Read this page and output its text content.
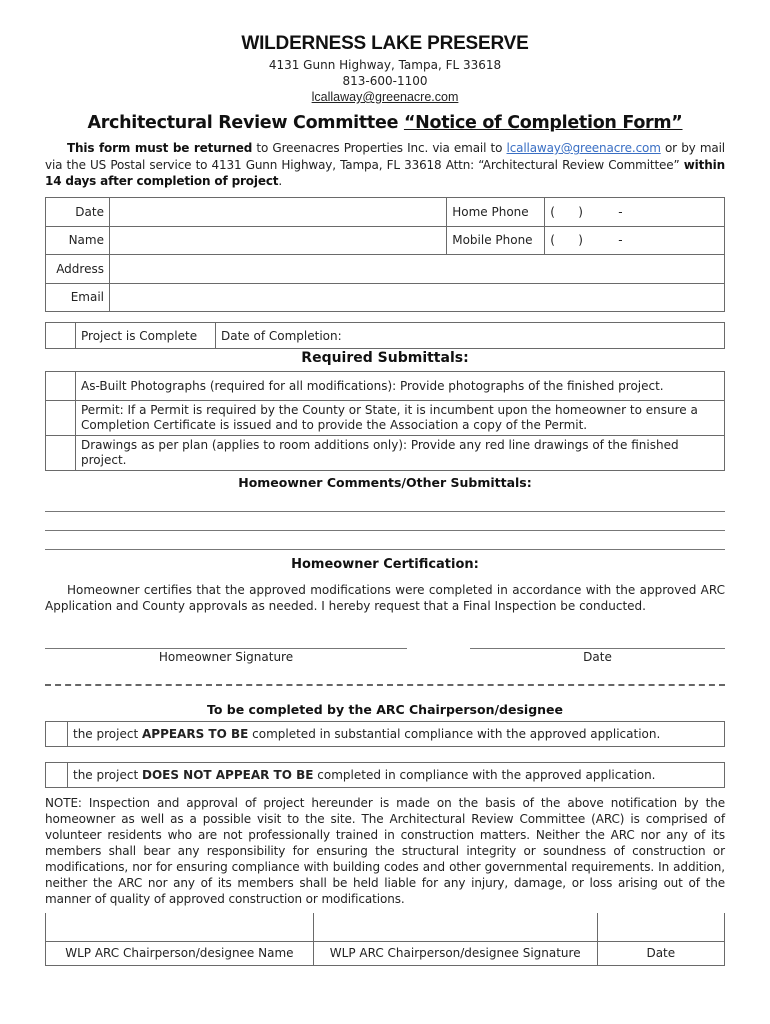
WILDERNESS LAKE PRESERVE
4131 Gunn Highway, Tampa, FL 33618
813-600-1100
lcallaway@greenacre.com
Architectural Review Committee “Notice of Completion Form”
This form must be returned to Greenacres Properties Inc. via email to lcallaway@greenacre.com or by mail via the US Postal service to 4131 Gunn Highway, Tampa, FL 33618 Attn: “Architectural Review Committee” within 14 days after completion of project.
Date		Home Phone	( ) -
Name		Mobile Phone	( ) -
Address			
Email			
	Project is Complete	Date of Completion:
Required Submittals:
	As-Built Photographs (required for all modifications): Provide photographs of the finished project.
	Permit: If a Permit is required by the County or State, it is incumbent upon the homeowner to ensure a Completion Certificate is issued and to provide the Association a copy of the Permit.
	Drawings as per plan (applies to room additions only): Provide any red line drawings of the finished project.
Homeowner Comments/Other Submittals:
Homeowner Certification:
Homeowner certifies that the approved modifications were completed in accordance with the approved ARC Application and County approvals as needed. I hereby request that a Final Inspection be conducted.
Homeowner Signature	Date
To be completed by the ARC Chairperson/designee
	the project APPEARS TO BE completed in substantial compliance with the approved application.
	the project DOES NOT APPEAR TO BE completed in compliance with the approved application.
NOTE: Inspection and approval of project hereunder is made on the basis of the above notification by the homeowner as well as a possible visit to the site. The Architectural Review Committee (ARC) is comprised of volunteer residents who are not professionally trained in construction matters. Neither the ARC nor any of its members shall bear any responsibility for ensuring the structural integrity or soundness of construction or modifications, nor for ensuring compliance with building codes and other governmental requirements. In addition, neither the ARC nor any of its members shall be held liable for any injury, damage, or loss arising out of the manner of quality of approved construction or modifications.

WLP ARC Chairperson/designee Name	WLP ARC Chairperson/designee Signature	Date
